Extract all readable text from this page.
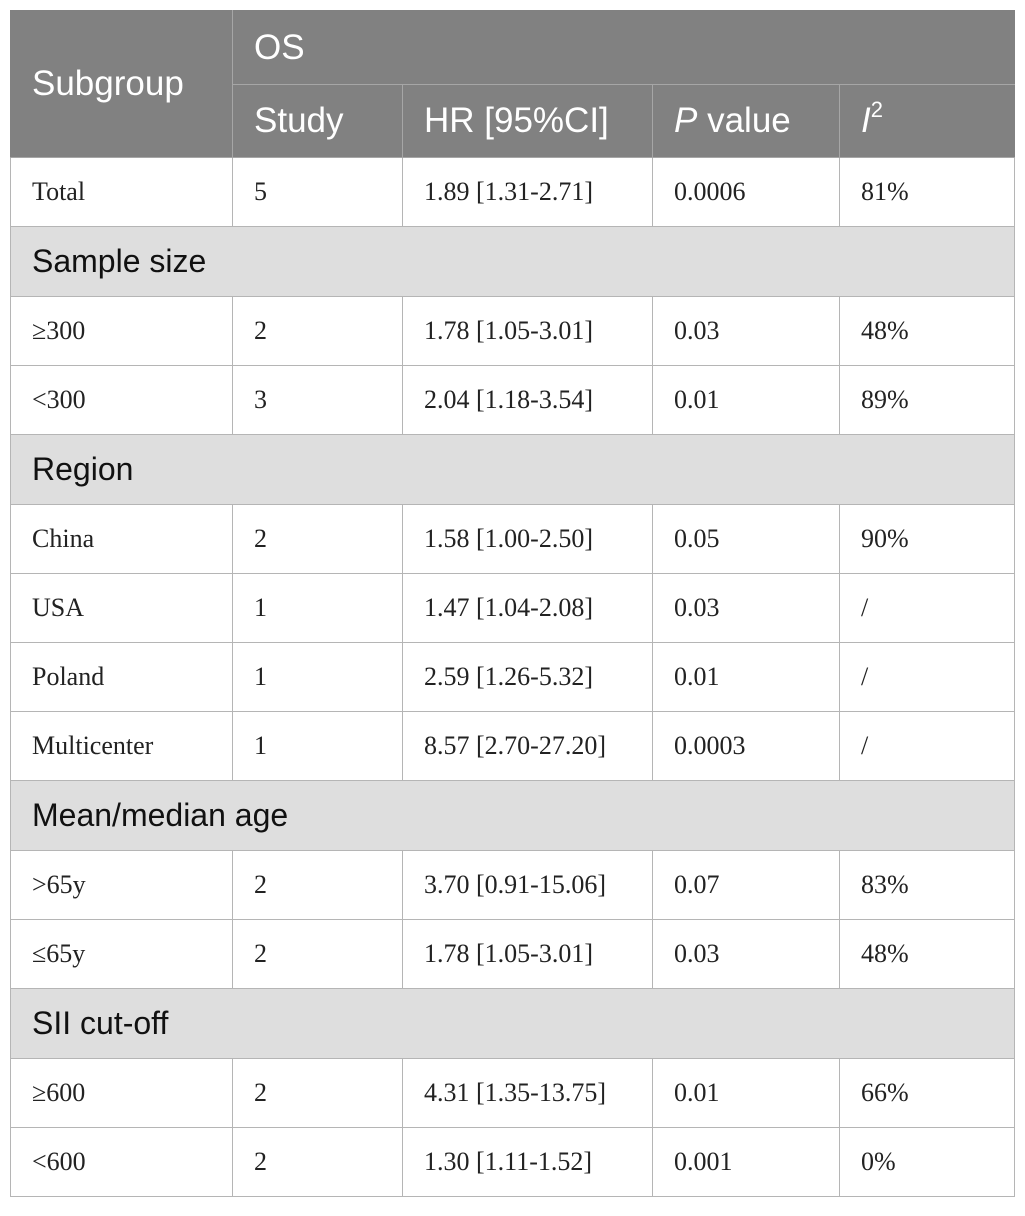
Subgroup	OS			
	Study	HR [95%CI]	P value	$I^2$
Total	5	1.89 [1.31-2.71]	0.0006	81%
Sample size				
≥300	2	1.78 [1.05-3.01]	0.03	48%
<300	3	2.04 [1.18-3.54]	0.01	89%
Region				
China	2	1.58 [1.00-2.50]	0.05	90%
USA	1	1.47 [1.04-2.08]	0.03	/
Poland	1	2.59 [1.26-5.32]	0.01	/
Multicenter	1	8.57 [2.70-27.20]	0.0003	/
Mean/median age				
>65y	2	3.70 [0.91-15.06]	0.07	83%
≤65y	2	1.78 [1.05-3.01]	0.03	48%
SII cut-off				
≥600	2	4.31 [1.35-13.75]	0.01	66%
<600	2	1.30 [1.11-1.52]	0.001	0%
